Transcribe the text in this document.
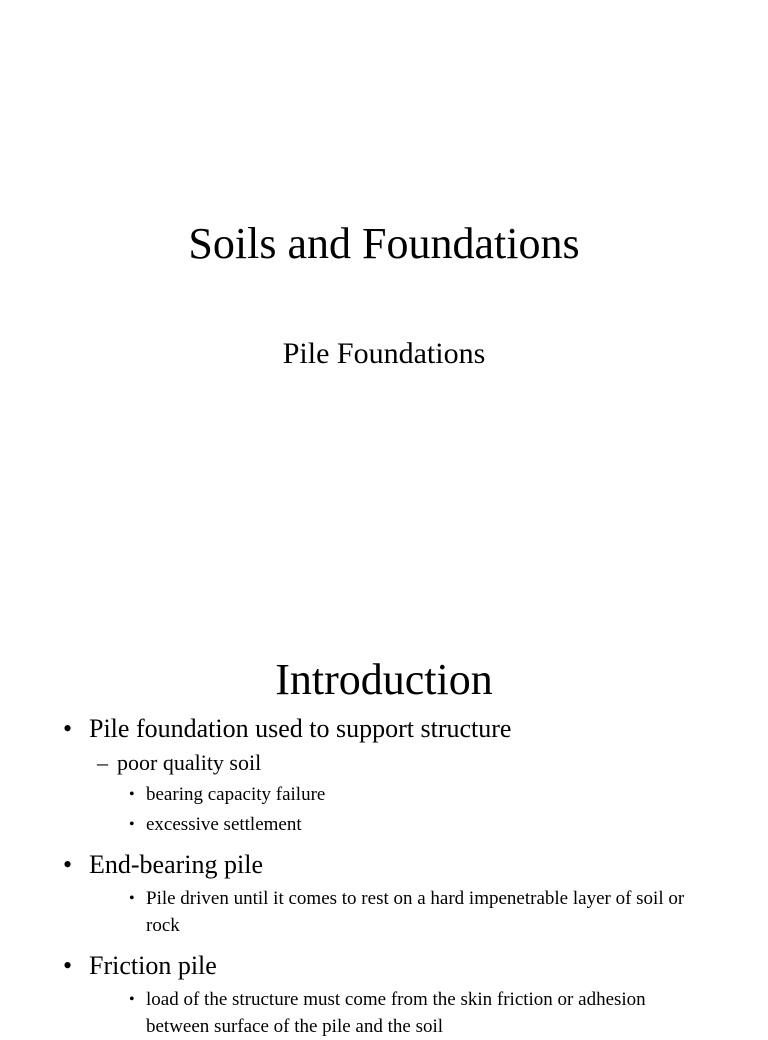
Soils and Foundations
Pile Foundations
Introduction
• Pile foundation used to support structure
– poor quality soil
• bearing capacity failure
• excessive settlement
• End-bearing pile
• Pile driven until it comes to rest on a hard impenetrable layer of soil or rock
• Friction pile
• load of the structure must come from the skin friction or adhesion between surface of the pile and the soil
